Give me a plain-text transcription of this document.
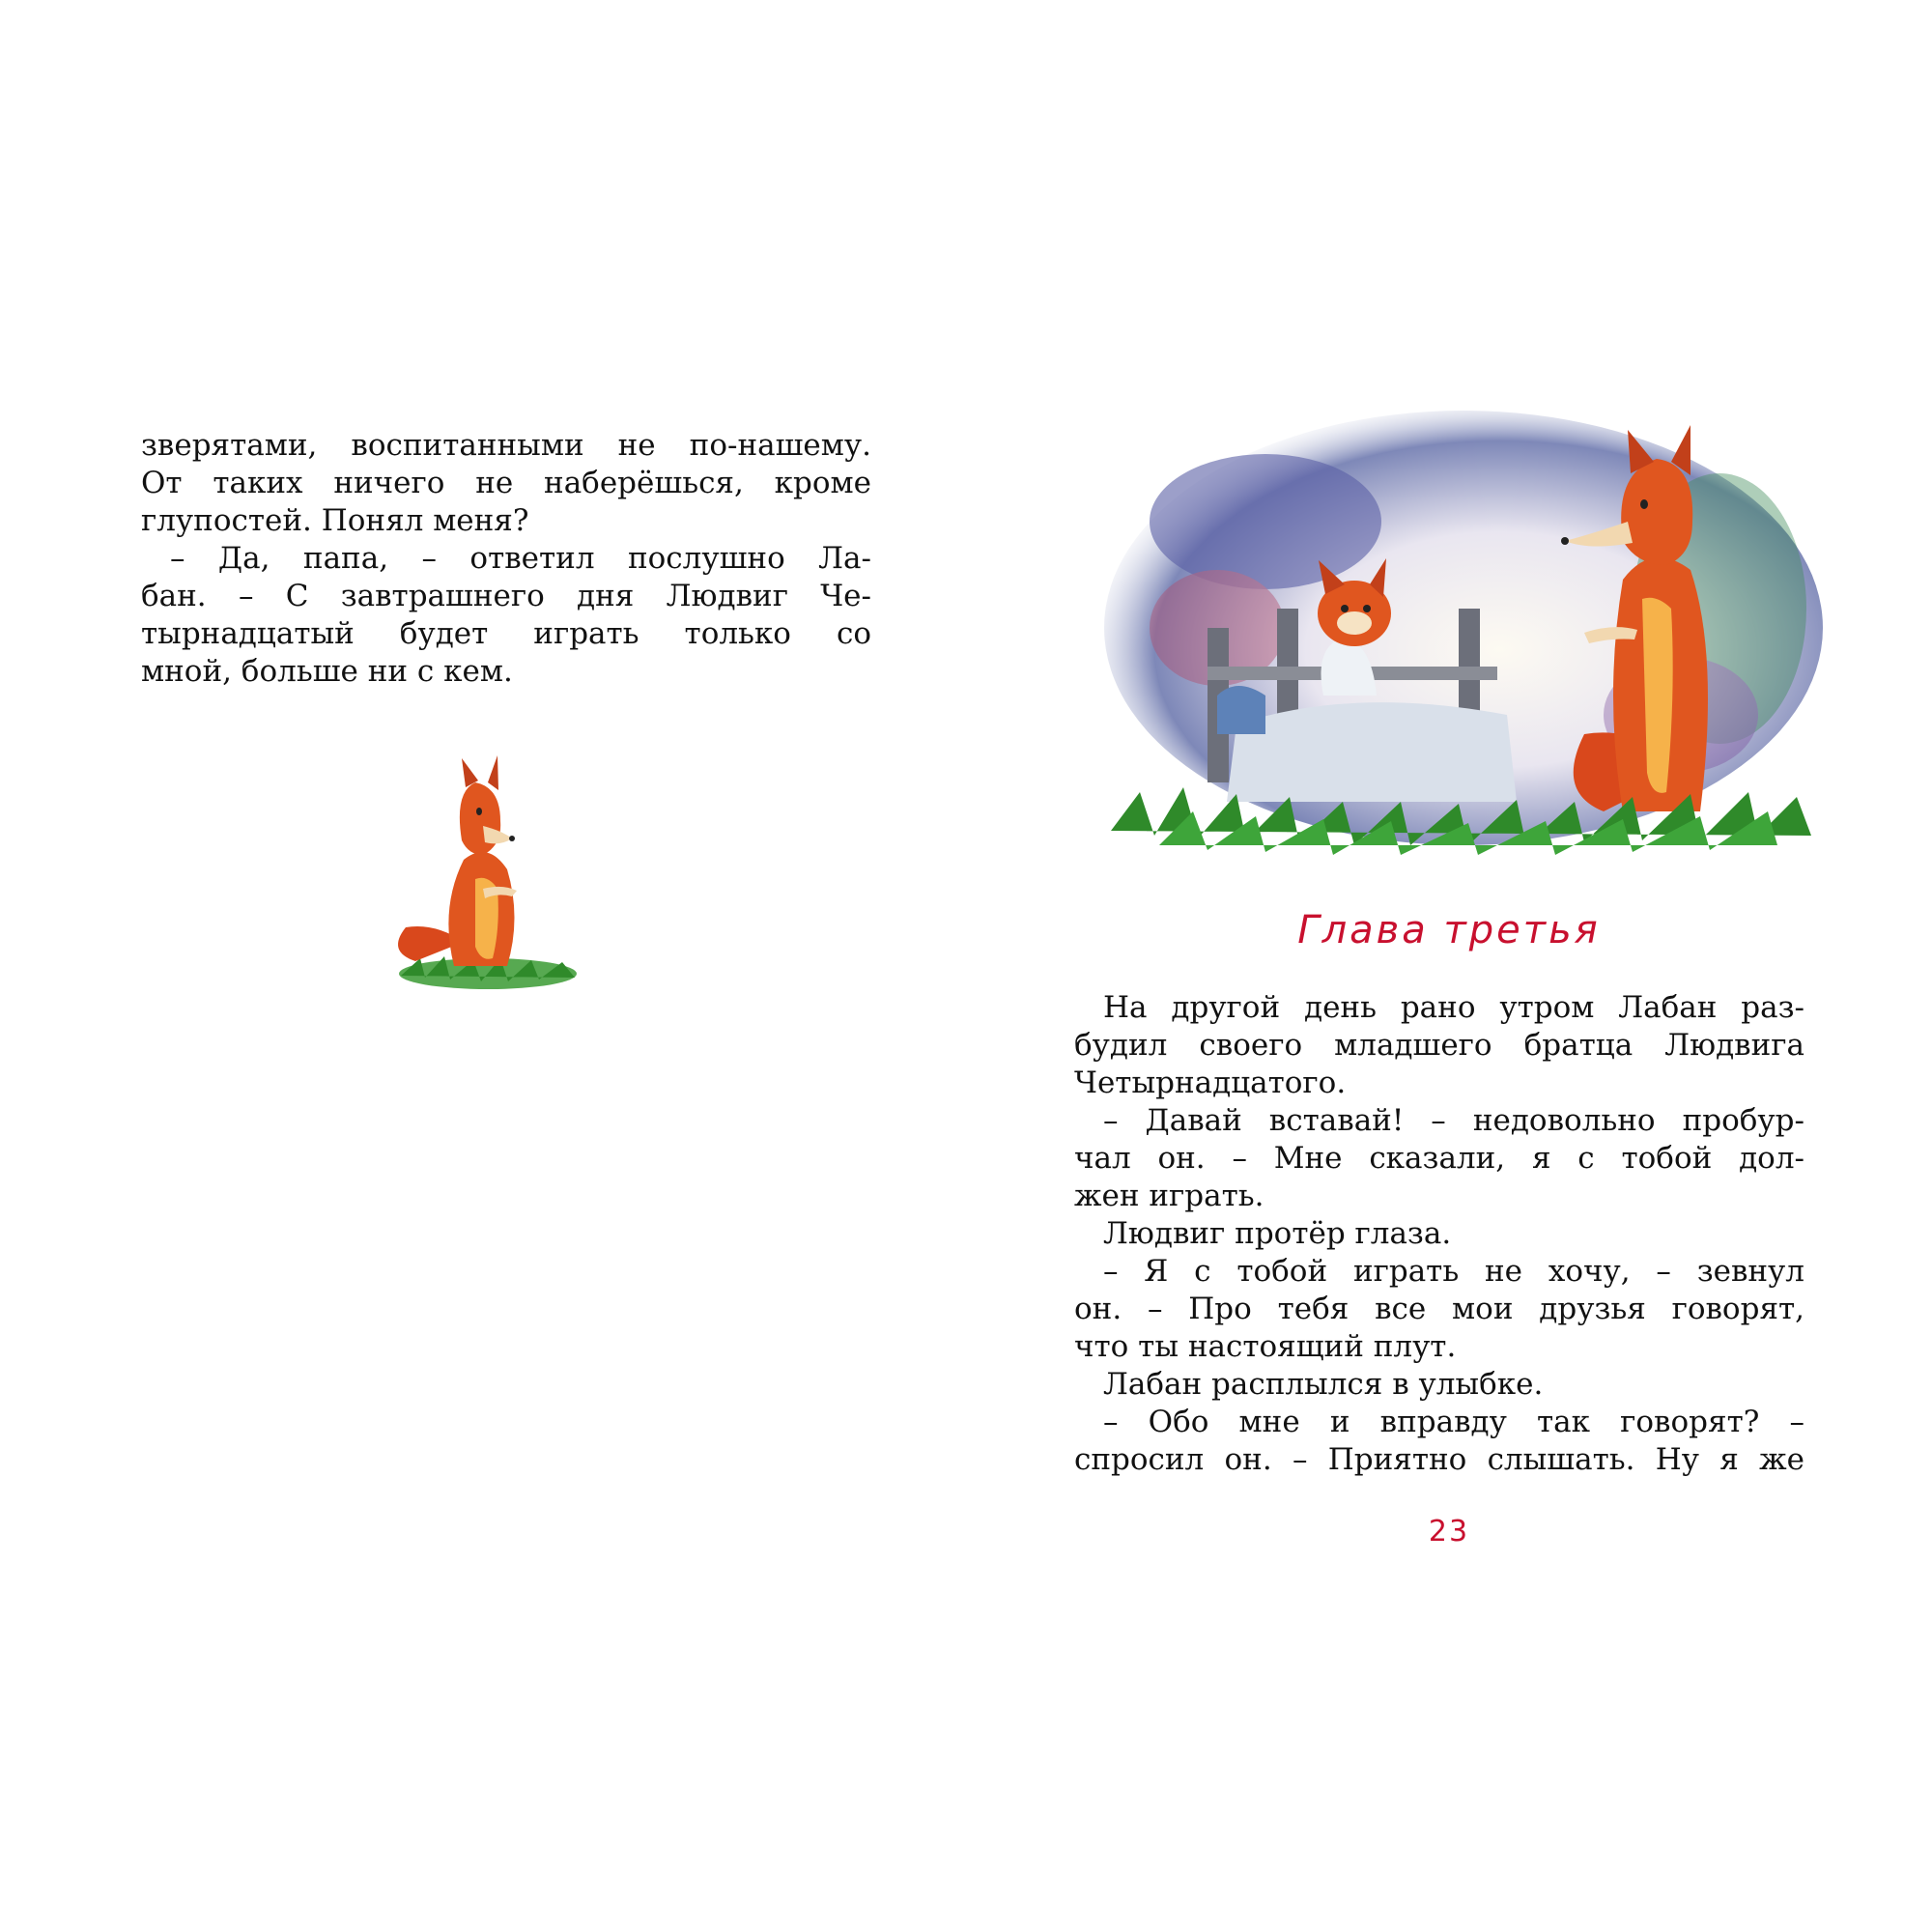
зверятами, воспитанными не по-нашему.
От таких ничего не наберёшься, кроме
глупостей. Понял меня?
– Да, папа, – ответил послушно Ла-
бан. – С завтрашнего дня Людвиг Че-
тырнадцатый будет играть только со
мной, больше ни с кем.
Глава третья
На другой день рано утром Лабан раз-
будил своего младшего братца Людвига
Четырнадцатого.
– Давай вставай! – недовольно пробур-
чал он. – Мне сказали, я с тобой дол-
жен играть.
Людвиг протёр глаза.
– Я с тобой играть не хочу, – зевнул
он. – Про тебя все мои друзья говорят,
что ты настоящий плут.
Лабан расплылся в улыбке.
– Обо мне и вправду так говорят? –
спросил он. – Приятно слышать. Ну я же
23
